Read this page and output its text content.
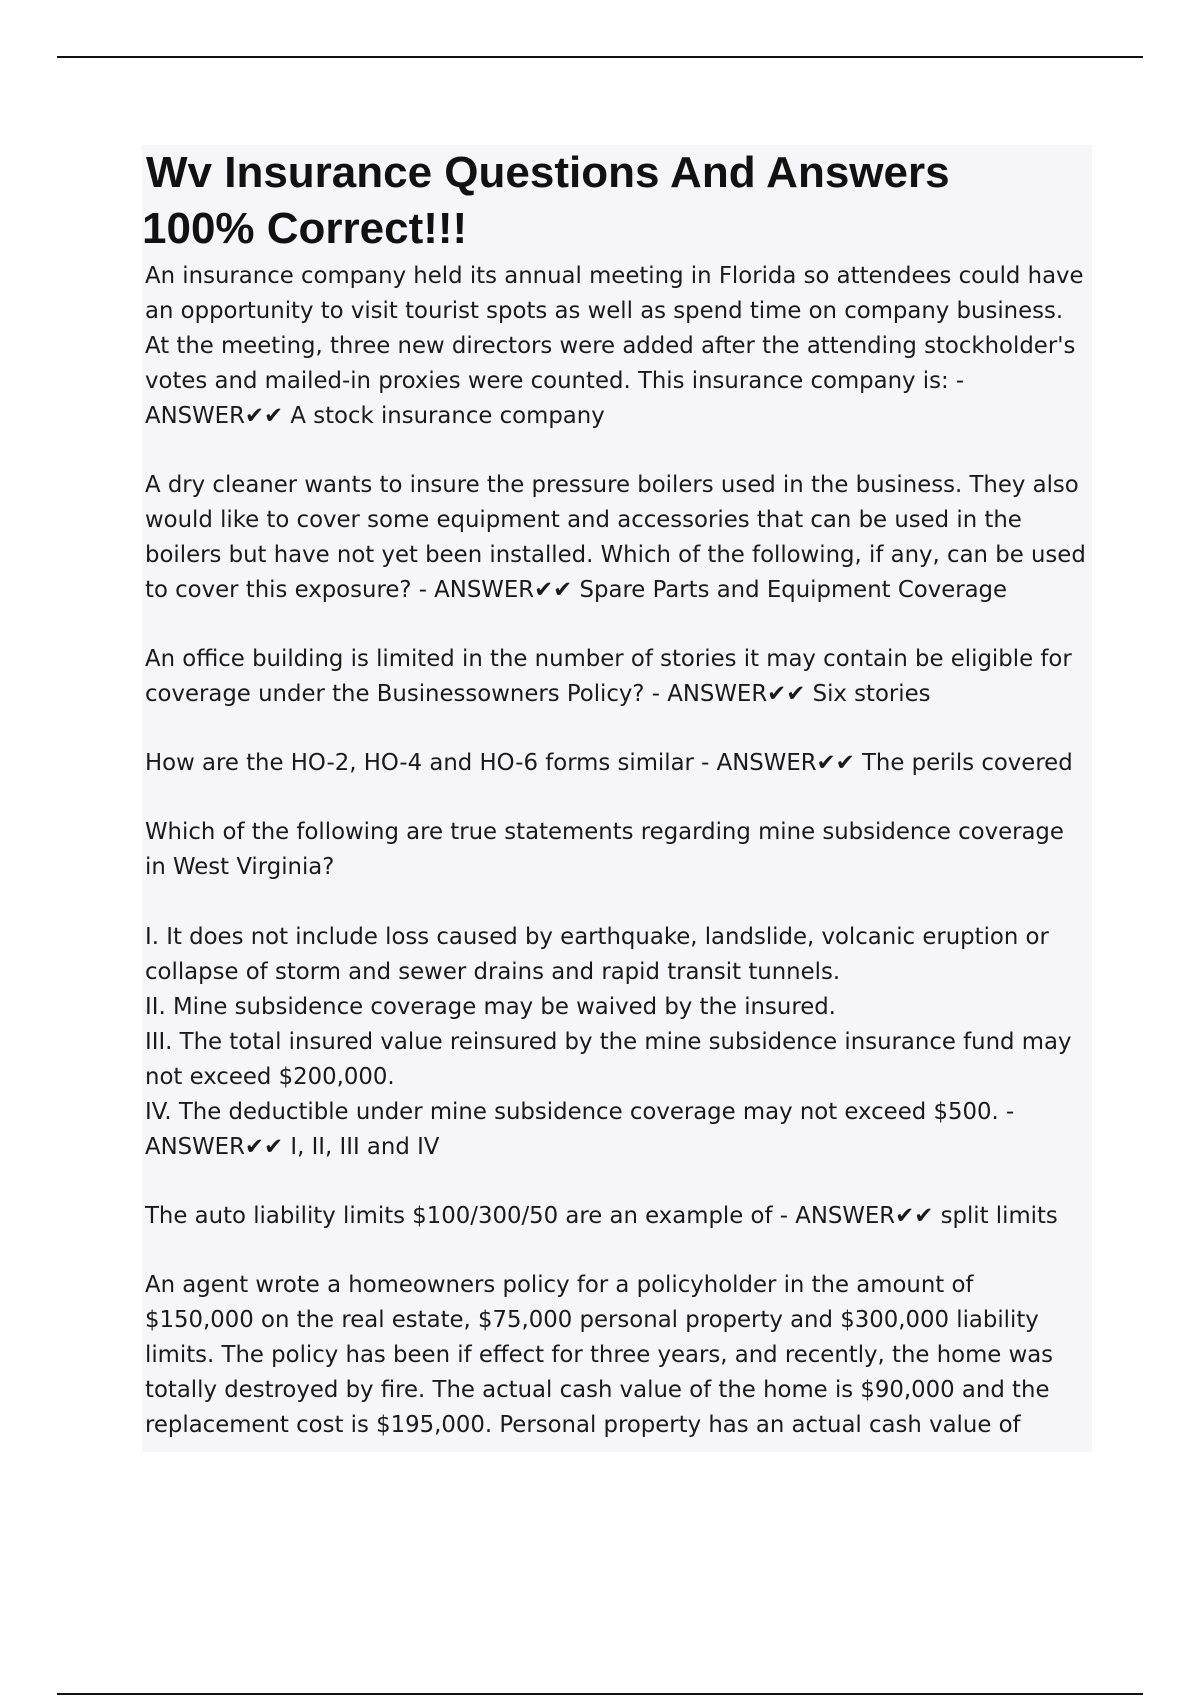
Wv Insurance Questions And Answers
100% Correct!!!

An insurance company held its annual meeting in Florida so attendees could have an opportunity to visit tourist spots as well as spend time on company business. At the meeting, three new directors were added after the attending stockholder's votes and mailed-in proxies were counted. This insurance company is: - ANSWER✔✔ A stock insurance company

A dry cleaner wants to insure the pressure boilers used in the business. They also would like to cover some equipment and accessories that can be used in the boilers but have not yet been installed. Which of the following, if any, can be used to cover this exposure? - ANSWER✔✔ Spare Parts and Equipment Coverage

An office building is limited in the number of stories it may contain be eligible for coverage under the Businessowners Policy? - ANSWER✔✔ Six stories

How are the HO-2, HO-4 and HO-6 forms similar - ANSWER✔✔ The perils covered

Which of the following are true statements regarding mine subsidence coverage in West Virginia?

I. It does not include loss caused by earthquake, landslide, volcanic eruption or collapse of storm and sewer drains and rapid transit tunnels.
II. Mine subsidence coverage may be waived by the insured.
III. The total insured value reinsured by the mine subsidence insurance fund may not exceed $200,000.
IV. The deductible under mine subsidence coverage may not exceed $500. - ANSWER✔✔ I, II, III and IV

The auto liability limits $100/300/50 are an example of - ANSWER✔✔ split limits

An agent wrote a homeowners policy for a policyholder in the amount of $150,000 on the real estate, $75,000 personal property and $300,000 liability limits. The policy has been if effect for three years, and recently, the home was totally destroyed by fire. The actual cash value of the home is $90,000 and the replacement cost is $195,000. Personal property has an actual cash value of
